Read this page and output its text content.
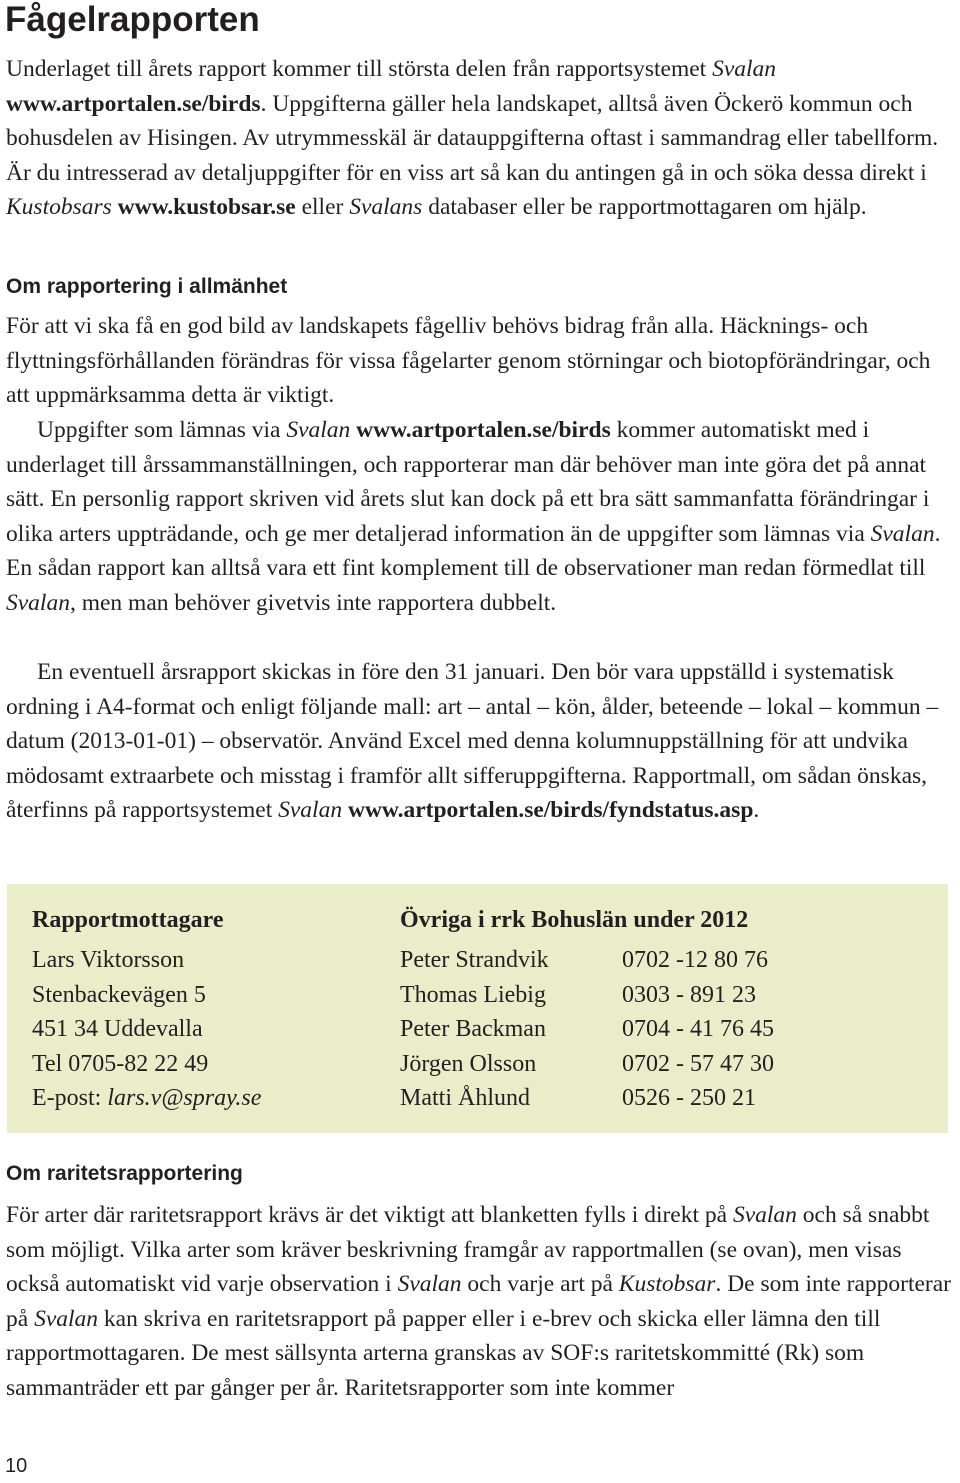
Fågelrapporten

Underlaget till årets rapport kommer till största delen från rapportsystemet Svalan www.artportalen.se/birds. Uppgifterna gäller hela landskapet, alltså även Öckerö kommun och bohusdelen av Hisingen. Av utrymmesskäl är datauppgifterna oftast i sammandrag eller tabellform. Är du intresserad av detaljuppgifter för en viss art så kan du antingen gå in och söka dessa direkt i Kustobsars www.kustobsar.se eller Svalans databaser eller be rapportmottagaren om hjälp.

Om rapportering i allmänhet

För att vi ska få en god bild av landskapets fågelliv behövs bidrag från alla. Häcknings- och flyttningsförhållanden förändras för vissa fågelarter genom störningar och biotopförändringar, och att uppmärksamma detta är viktigt.

Uppgifter som lämnas via Svalan www.artportalen.se/birds kommer automatiskt med i underlaget till årssammanställningen, och rapporterar man där behöver man inte göra det på annat sätt. En personlig rapport skriven vid årets slut kan dock på ett bra sätt sammanfatta förändringar i olika arters uppträdande, och ge mer detaljerad information än de uppgifter som lämnas via Svalan. En sådan rapport kan alltså vara ett fint komplement till de observationer man redan förmedlat till Svalan, men man behöver givetvis inte rapportera dubbelt.

En eventuell årsrapport skickas in före den 31 januari. Den bör vara uppställd i systematisk ordning i A4-format och enligt följande mall: art – antal – kön, ålder, beteende – lokal – kommun – datum (2013-01-01) – observatör. Använd Excel med denna kolumnuppställning för att undvika mödosamt extraarbete och misstag i framför allt sifferuppgifterna. Rapportmall, om sådan önskas, återfinns på rapportsystemet Svalan www.artportalen.se/birds/fyndstatus.asp.

Rapportmottagare
Lars Viktorsson
Stenbackevägen 5
451 34 Uddevalla
Tel 0705-82 22 49
E-post: lars.v@spray.se
Övriga i rrk Bohuslän under 2012
Peter Strandvik	0702 -12 80 76
Thomas Liebig	0303 - 891 23
Peter Backman	0704 - 41 76 45
Jörgen Olsson	0702 - 57 47 30
Matti Åhlund	0526 - 250 21
Om raritetsrapportering

För arter där raritetsrapport krävs är det viktigt att blanketten fylls i direkt på Svalan och så snabbt som möjligt. Vilka arter som kräver beskrivning framgår av rapportmallen (se ovan), men visas också automatiskt vid varje observation i Svalan och varje art på Kustobsar. De som inte rapporterar på Svalan kan skriva en raritetsrapport på papper eller i e-brev och skicka eller lämna den till rapportmottagaren. De mest sällsynta arterna granskas av SOF:s raritetskommitté (Rk) som sammanträder ett par gånger per år. Raritetsrapporter som inte kommer

10
